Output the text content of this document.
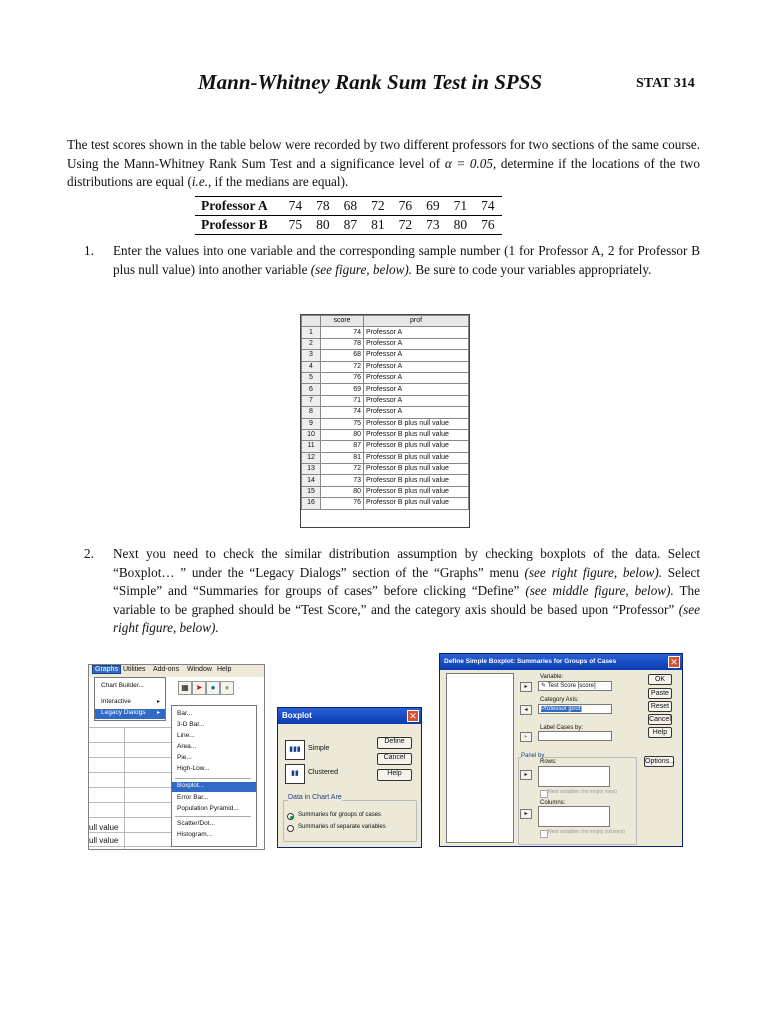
Mann-Whitney Rank Sum Test in SPSS	STAT 314
The test scores shown in the table below were recorded by two different professors for two sections of the same course. Using the Mann-Whitney Rank Sum Test and a significance level of α = 0.05, determine if the locations of the two distributions are equal (i.e., if the medians are equal).
Professor A	74	78	68	72	76	69	71	74
Professor B	75	80	87	81	72	73	80	76
1. Enter the values into one variable and the corresponding sample number (1 for Professor A, 2 for Professor B plus null value) into another variable (see figure, below). Be sure to code your variables appropriately.
	score	prof
1	74	Professor A
2	78	Professor A
3	68	Professor A
4	72	Professor A
5	76	Professor A
6	69	Professor A
7	71	Professor A
8	74	Professor A
9	75	Professor B plus null value
10	80	Professor B plus null value
11	87	Professor B plus null value
12	81	Professor B plus null value
13	72	Professor B plus null value
14	73	Professor B plus null value
15	80	Professor B plus null value
16	76	Professor B plus null value
2. Next you need to check the similar distribution assumption by checking boxplots of the data. Select “Boxplot… ” under the “Legacy Dialogs” section of the “Graphs” menu (see right figure, below). Select “Simple” and “Summaries for groups of cases” before clicking “Define” (see middle figure, below). The variable to be graphed should be “Test Score,” and the category axis should be based upon “Professor” (see right figure, below).
Graphs Utilities Add-ons Window Help
▦ ➤	●	●
ull value
ull value
Chart Builder...
Interactive	▸
Legacy Dialogs	▸	Bar...
3-D Bar...
Line...
Area...
Pie...
High-Low...
Boxplot...
Error Bar...
Population Pyramid...
Scatter/Dot...
Histogram...
Boxplot	✕
▮▮▮	Simple
▮▮	Clustered
Define
Cancel
Help
Data in Chart Are
Summaries for groups of cases
Summaries of separate variables
Define Simple Boxplot: Summaries for Groups of Cases	✕
Variable:
▸	✎ Test Score [score]
Category Axis:
◂	Professor [prof]
Label Cases by:
▸
Panel by
Rows:
▸
Nest variables (no empty rows)
Columns:
▸
Nest variables (no empty columns)
OK
Paste
Reset
Cancel
Help
Options...
